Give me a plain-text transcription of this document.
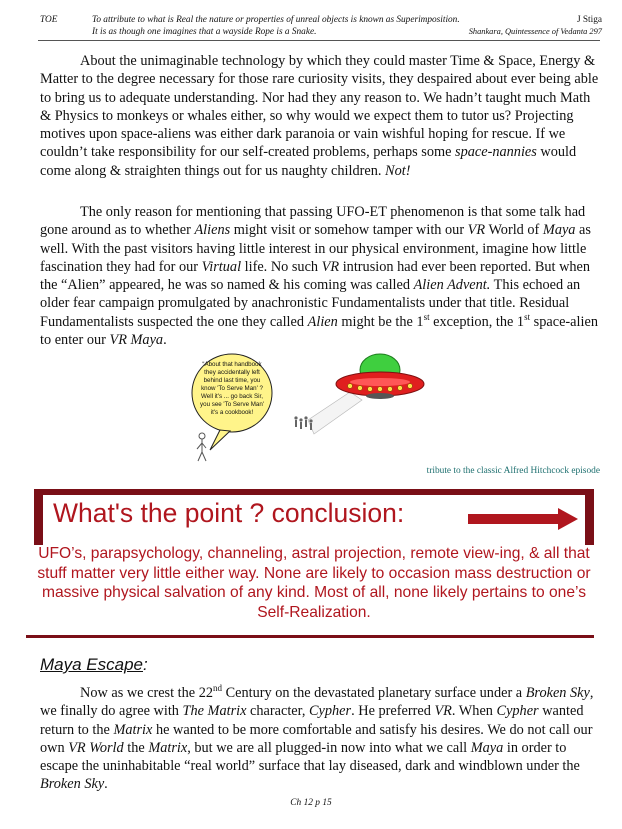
TOE	To attribute to what is Real the nature or properties of unreal objects is known as Superimposition.
It is as though one imagines that a wayside Rope is a Snake.
J Stiga
Shankara, Quintessence of Vedanta 297

About the unimaginable technology by which they could master Time & Space, Energy & Matter to the degree necessary for those rare curiosity visits, they despaired about ever being able to bring us to adequate understanding. Nor had they any reason to. We hadn’t taught much Math & Physics to monkeys or whales either, so why would we expect them to tutor us? Projecting motives upon space-aliens was either dark paranoia or vain wishful hoping for rescue. If we couldn’t take responsibility for our self-created problems, perhaps some space-nannies would come along & straighten things out for us naughty children. Not!

The only reason for mentioning that passing UFO-ET phenomenon is that some talk had gone around as to whether Aliens might visit or somehow tamper with our VR World of Maya as well. With the past visitors having little interest in our physical environment, imagine how little fascination they had for our Virtual life. No such VR intrusion had ever been reported. But when the “Alien” appeared, he was so named & his coming was called Alien Advent. This echoed an older fear campaign promulgated by anachronistic Fundamentalists under that title. Residual Fundamentalists suspected the one they called Alien might be the 1st exception, the 1st space-alien to enter our VR Maya.

“About that handbook
they accidentally left
behind last time, you
know 'To Serve Man' ?
Well it's ... go back Sir,
you see 'To Serve Man'
it's a cookbook!
tribute to the classic Alfred Hitchcock episode
What's the point ? conclusion:
UFO’s, parapsychology, channeling, astral projection, remote view-ing, & all that stuff matter very little either way. None are likely to occasion mass destruction or massive physical salvation of any kind. Most of all, none likely pertains to one’s Self-Realization.
Maya Escape:

Now as we crest the 22nd Century on the devastated planetary surface under a Broken Sky, we finally do agree with The Matrix character, Cypher. He preferred VR. When Cypher wanted return to the Matrix he wanted to be more comfortable and satisfy his desires. We do not call our own VR World the Matrix, but we are all plugged-in now into what we call Maya in order to escape the uninhabitable “real world” surface that lay diseased, dark and windblown under the Broken Sky.

Ch 12 p 15
